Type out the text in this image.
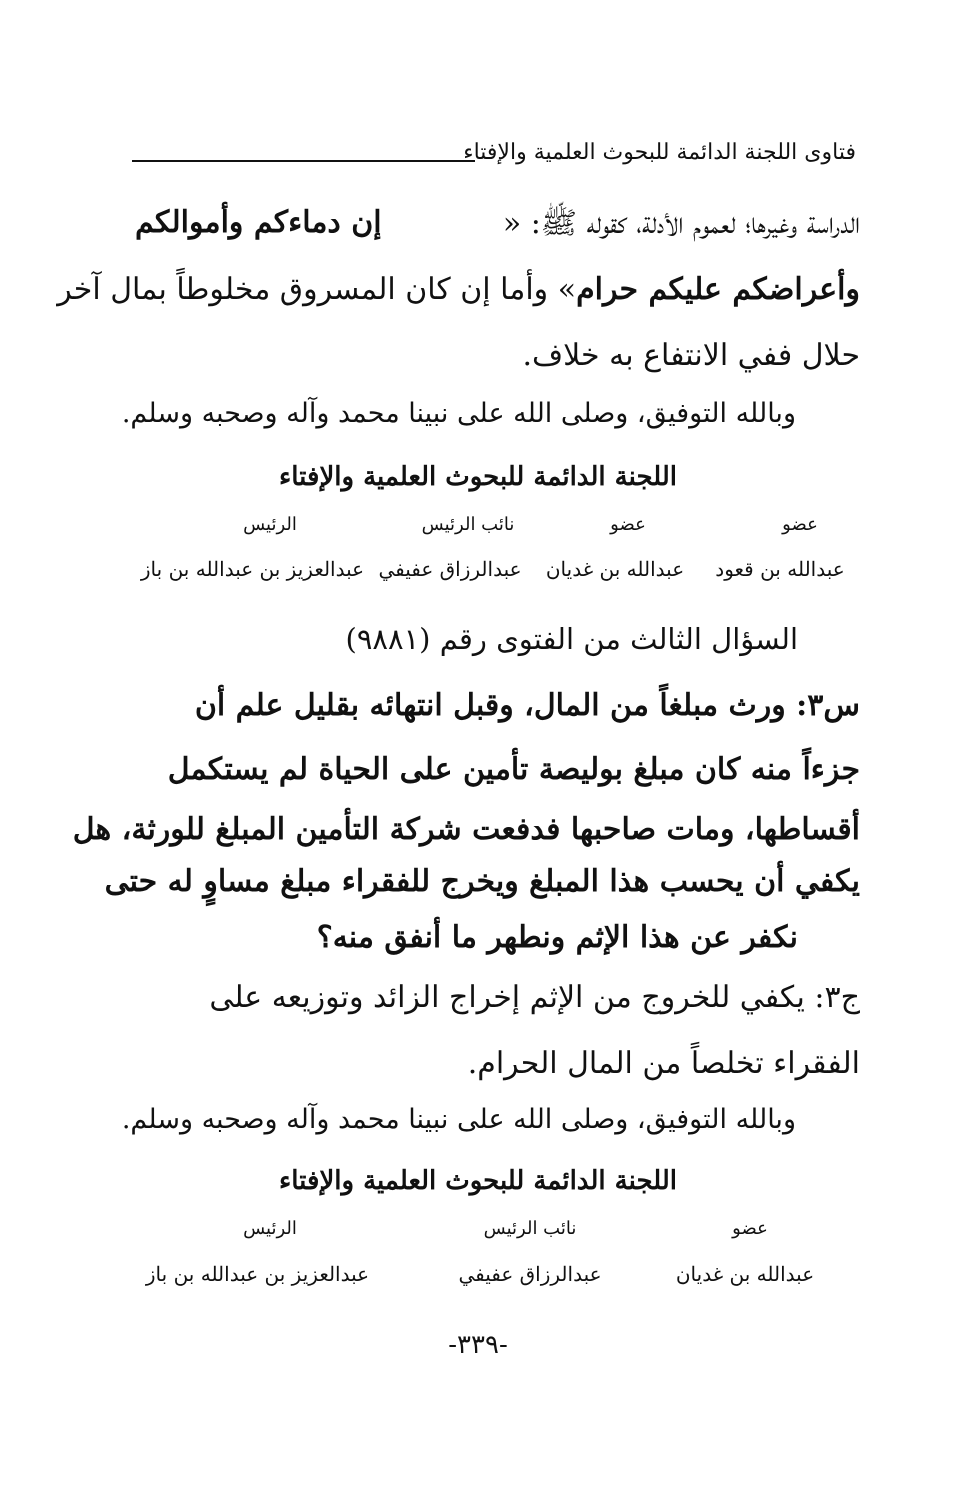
فتاوى اللجنة الدائمة للبحوث العلمية والإفتاء
الدراسة وغيرها؛ لعموم الأدلة، كقوله ﷺ: «
إن دماءكم وأموالكم
وأعراضكم عليكم حرام
» وأما إن كان المسروق مخلوطاً بمال آخر
حلال ففي الانتفاع به خلاف.
وبالله التوفيق، وصلى الله على نبينا محمد وآله وصحبه وسلم.
اللجنة الدائمة للبحوث العلمية والإفتاء
عضو
عبدالله بن قعود
عضو
عبدالله بن غديان
نائب الرئيس
عبدالرزاق عفيفي
الرئيس
عبدالعزيز بن عبدالله بن باز
السؤال الثالث من الفتوى رقم (٩٨٨١)
س٣: ورث مبلغاً من المال، وقبل انتهائه بقليل علم أن
جزءاً منه كان مبلغ بوليصة تأمين على الحياة لم يستكمل
أقساطها، ومات صاحبها فدفعت شركة التأمين المبلغ للورثة، هل
يكفي أن يحسب هذا المبلغ ويخرج للفقراء مبلغ مساوٍ له حتى
نكفر عن هذا الإثم ونطهر ما أنفق منه؟
ج٣: يكفي للخروج من الإثم إخراج الزائد وتوزيعه على
الفقراء تخلصاً من المال الحرام.
وبالله التوفيق، وصلى الله على نبينا محمد وآله وصحبه وسلم.
اللجنة الدائمة للبحوث العلمية والإفتاء
عضو
عبدالله بن غديان
نائب الرئيس
عبدالرزاق عفيفي
الرئيس
عبدالعزيز بن عبدالله بن باز
-٣٣٩-
